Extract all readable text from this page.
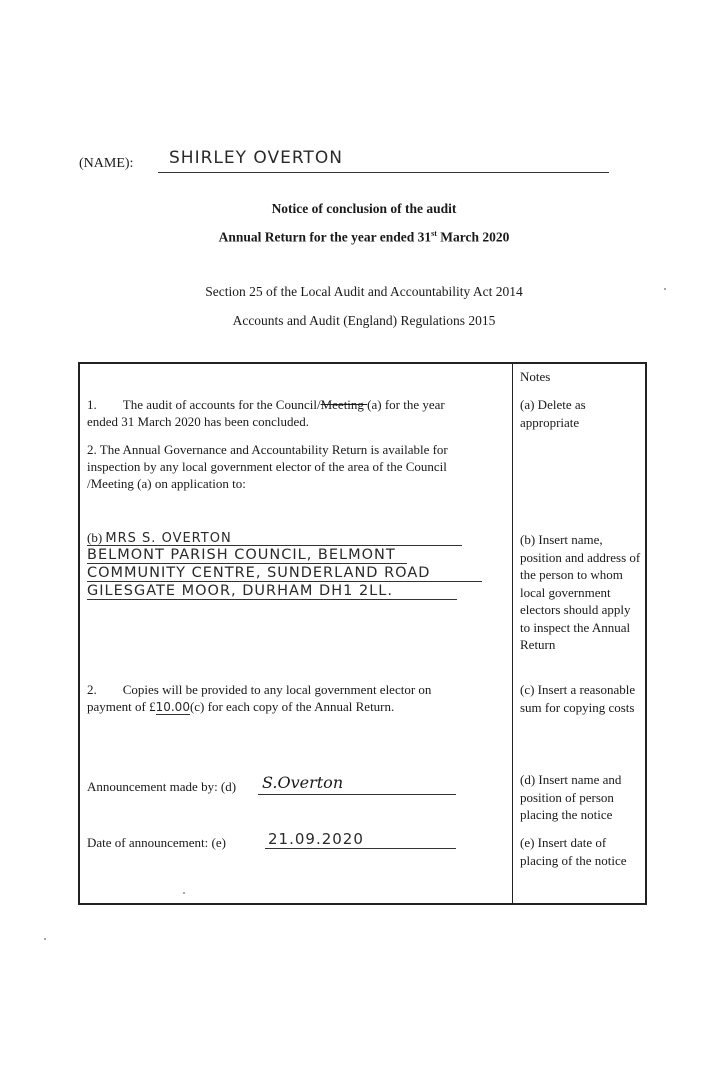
(NAME): SHIRLEY OVERTON
Notice of conclusion of the audit
Annual Return for the year ended 31st March 2020
Section 25 of the Local Audit and Accountability Act 2014
Accounts and Audit (England) Regulations 2015
1. The audit of accounts for the Council/Meeting (a) for the year
ended 31 March 2020 has been concluded.
2. The Annual Governance and Accountability Return is available for
inspection by any local government elector of the area of the Council
/Meeting (a) on application to:
(b) MRS S. OVERTON
BELMONT PARISH COUNCIL, BELMONT
COMMUNITY CENTRE, SUNDERLAND ROAD
GILESGATE MOOR, DURHAM DH1 2LL.
2. Copies will be provided to any local government elector on
payment of £10.00(c) for each copy of the Annual Return.
Announcement made by: (d) S.Overton
Date of announcement: (e)	21.09.2020
Notes
(a) Delete as appropriate
(b) Insert name, position and address of the person to whom local government electors should apply to inspect the Annual Return
(c) Insert a reasonable sum for copying costs
(d) Insert name and position of person placing the notice
(e) Insert date of placing of the notice
